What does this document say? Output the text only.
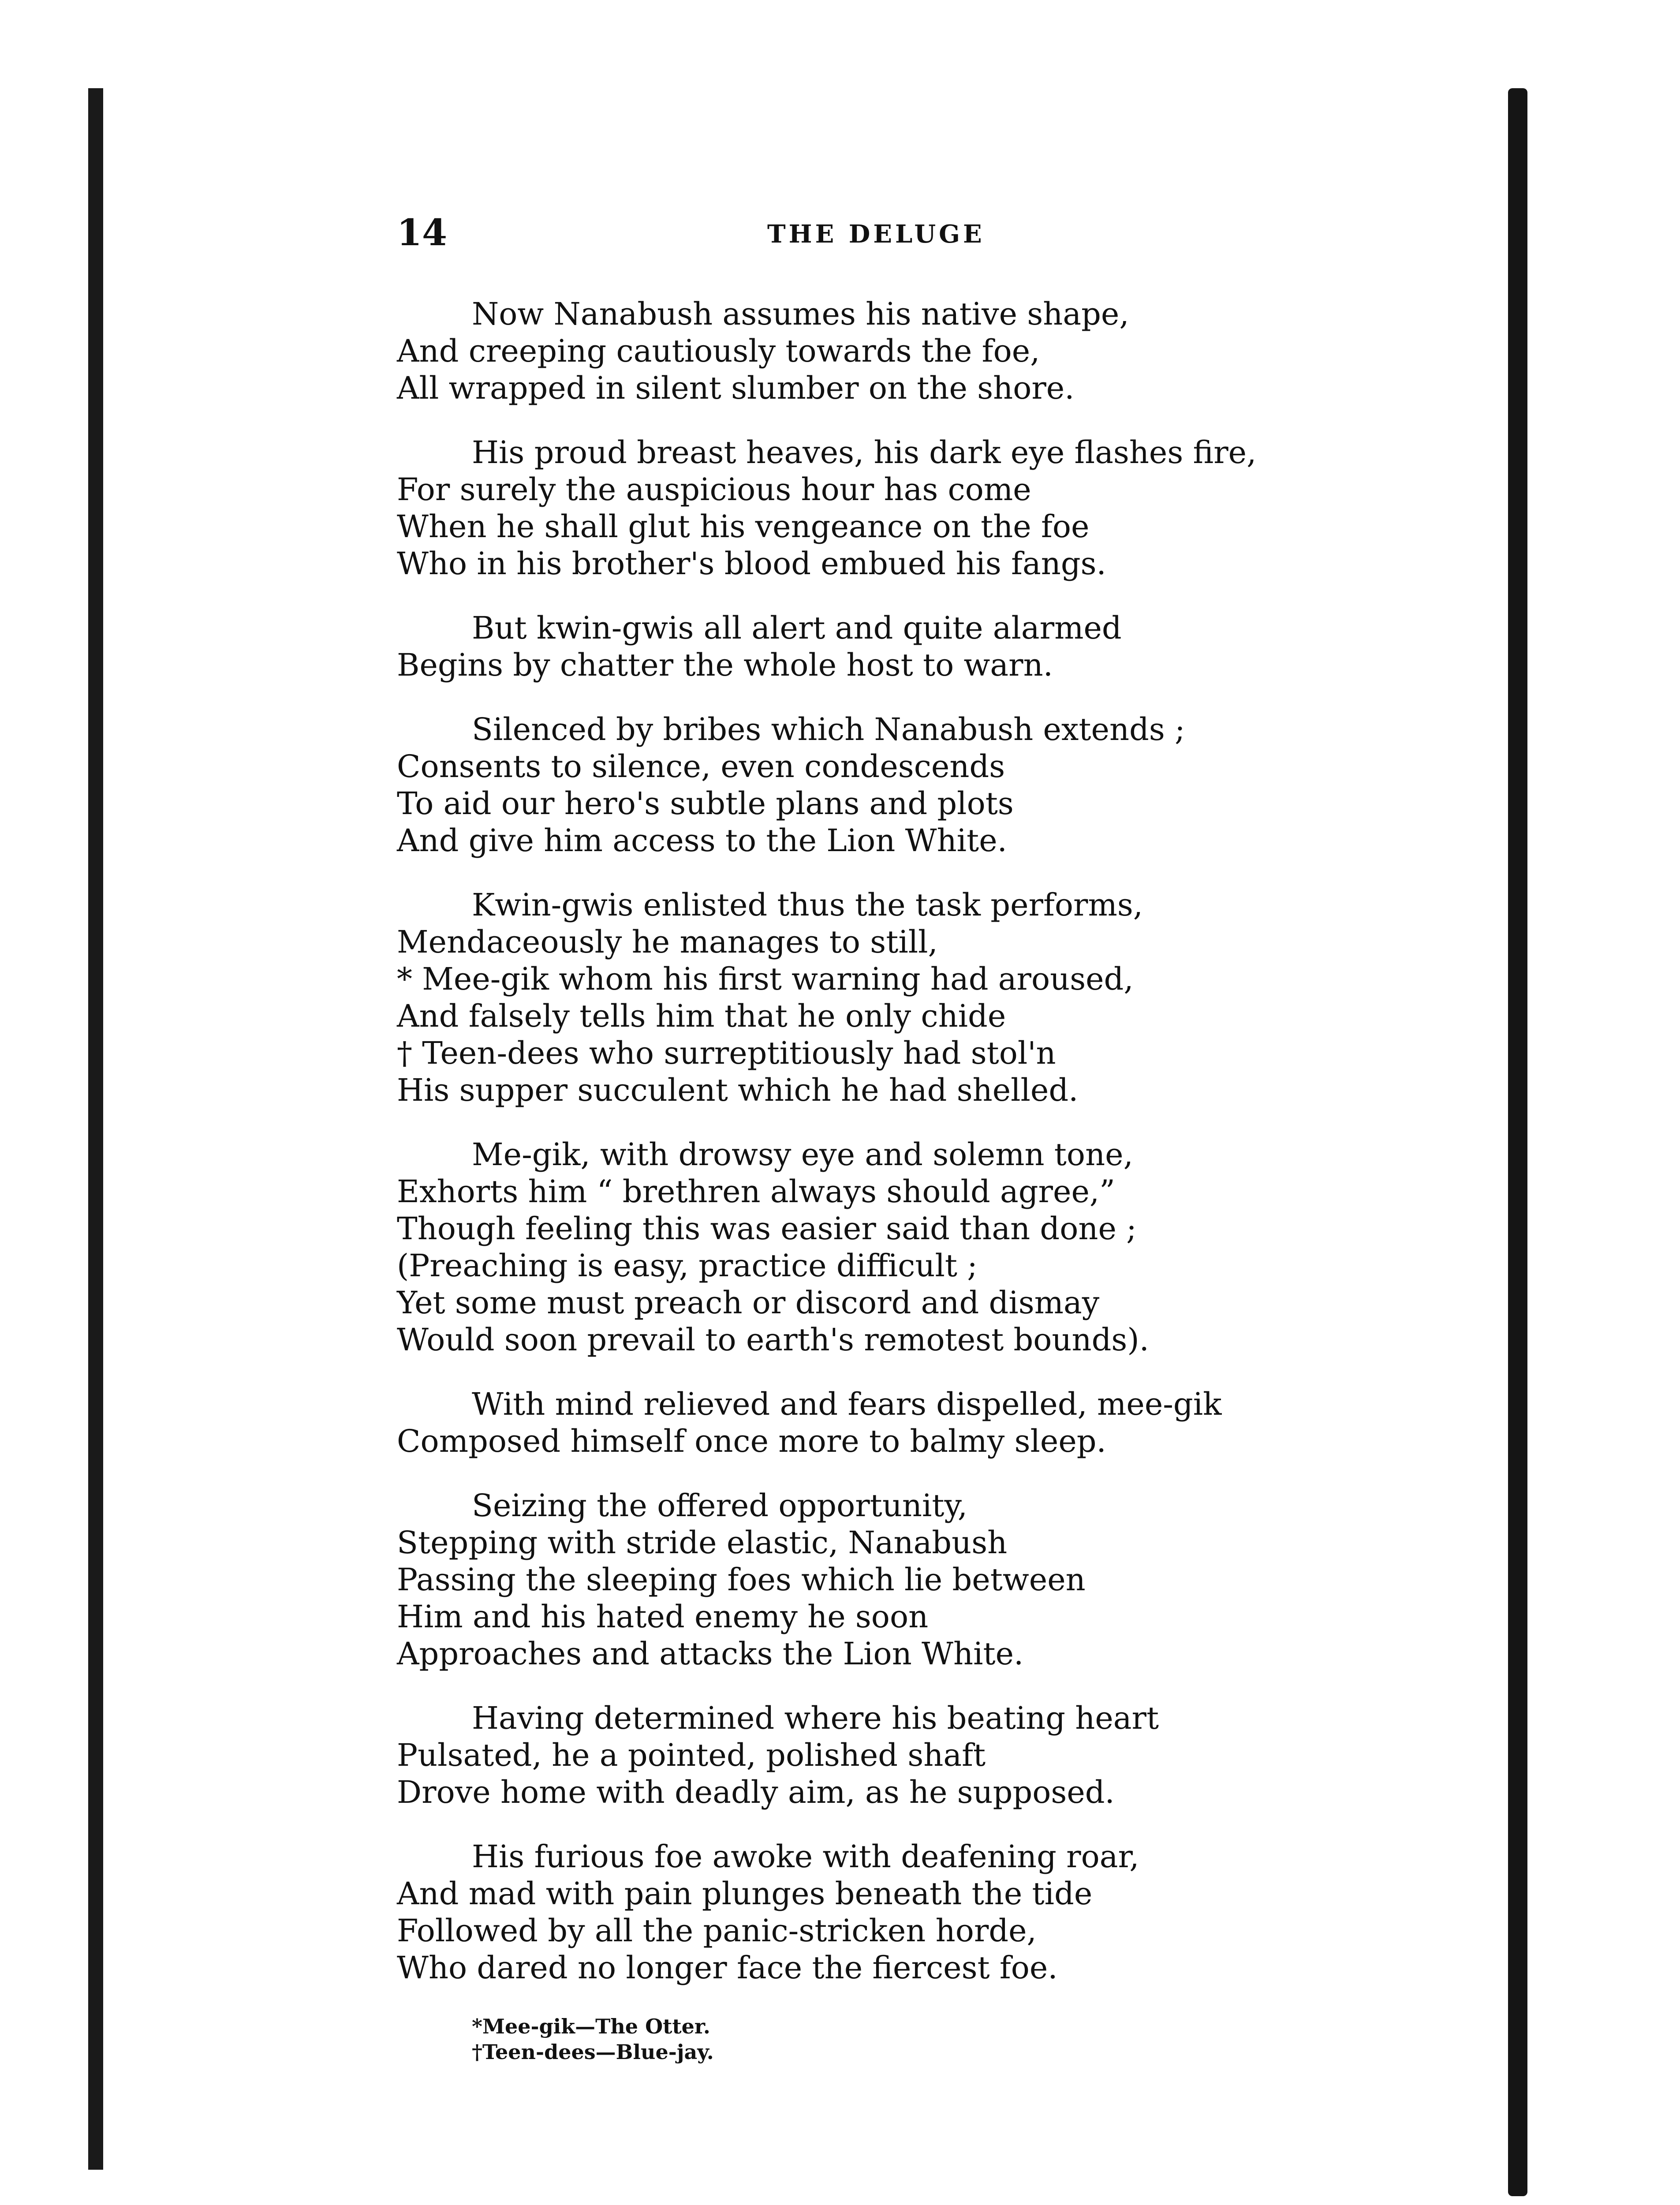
14	THE DELUGE
Now Nanabush assumes his native shape,
And creeping cautiously towards the foe,
All wrapped in silent slumber on the shore.
His proud breast heaves, his dark eye flashes fire,
For surely the auspicious hour has come
When he shall glut his vengeance on the foe
Who in his brother's blood embued his fangs.
But kwin-gwis all alert and quite alarmed
Begins by chatter the whole host to warn.
Silenced by bribes which Nanabush extends ;
Consents to silence, even condescends
To aid our hero's subtle plans and plots
And give him access to the Lion White.
Kwin-gwis enlisted thus the task performs,
Mendaceously he manages to still,
* Mee-gik whom his first warning had aroused,
And falsely tells him that he only chide
† Teen-dees who surreptitiously had stol'n
His supper succulent which he had shelled.
Me-gik, with drowsy eye and solemn tone,
Exhorts him “ brethren always should agree,”
Though feeling this was easier said than done ;
(Preaching is easy, practice difficult ;
Yet some must preach or discord and dismay
Would soon prevail to earth's remotest bounds).
With mind relieved and fears dispelled, mee-gik
Composed himself once more to balmy sleep.
Seizing the offered opportunity,
Stepping with stride elastic, Nanabush
Passing the sleeping foes which lie between
Him and his hated enemy he soon
Approaches and attacks the Lion White.
Having determined where his beating heart
Pulsated, he a pointed, polished shaft
Drove home with deadly aim, as he supposed.
His furious foe awoke with deafening roar,
And mad with pain plunges beneath the tide
Followed by all the panic-stricken horde,
Who dared no longer face the fiercest foe.
*Mee-gik—The Otter.
†Teen-dees—Blue-jay.
